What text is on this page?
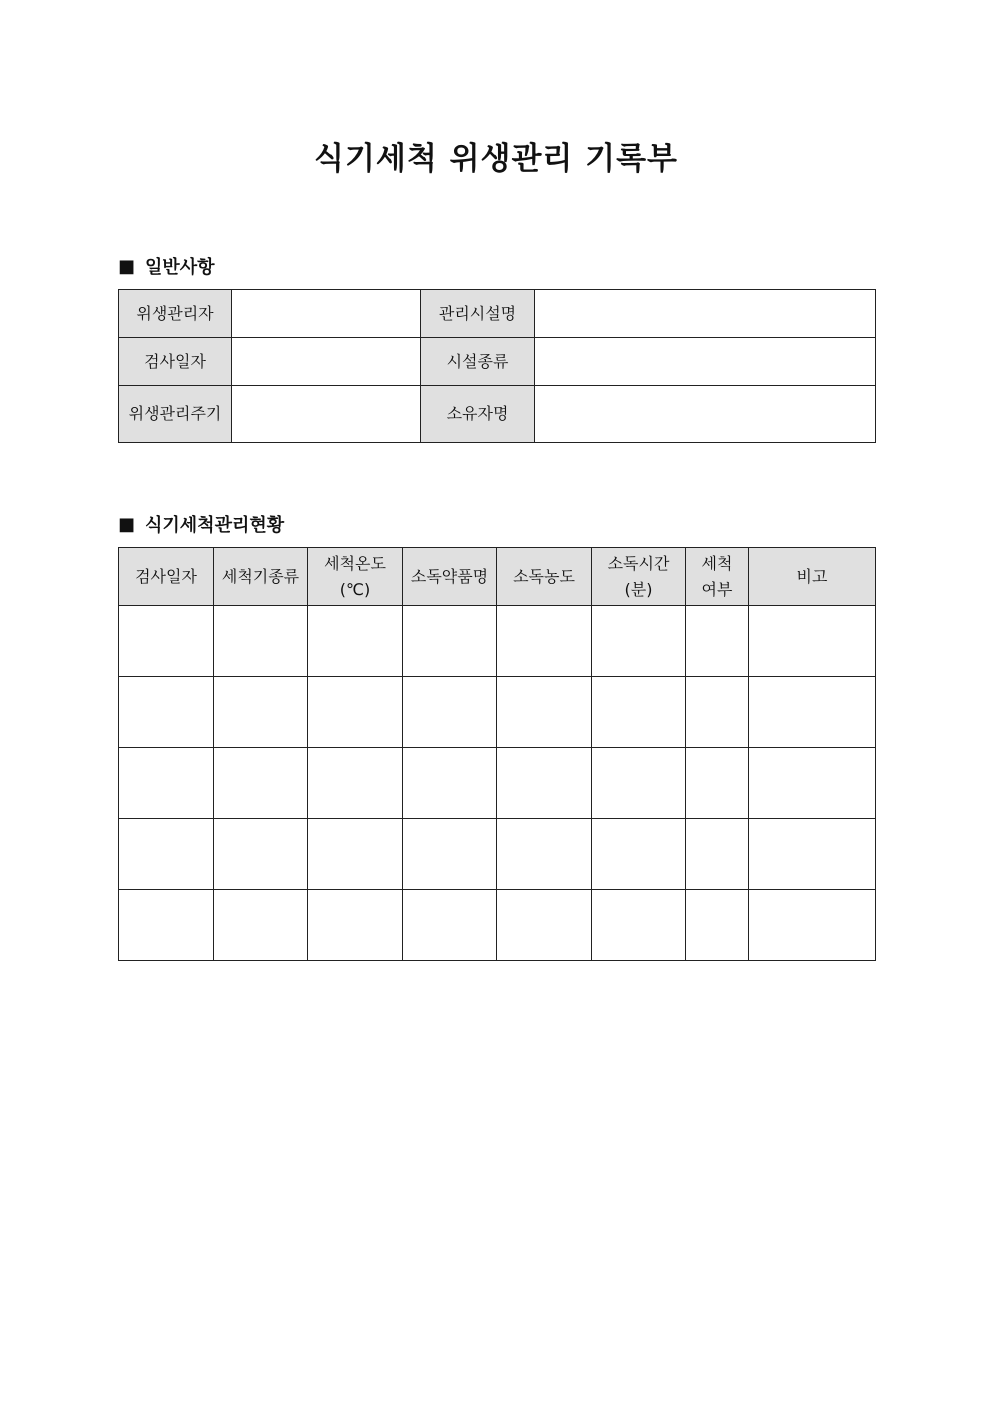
식기세척 위생관리 기록부
■ 일반사항
위생관리자		관리시설명	
검사일자		시설종류	
위생관리주기		소유자명	
■ 식기세척관리현황
검사일자	세척기종류	세척온도(℃)	소독약품명	소독농도	소독시간(분)	세척여부	비고
